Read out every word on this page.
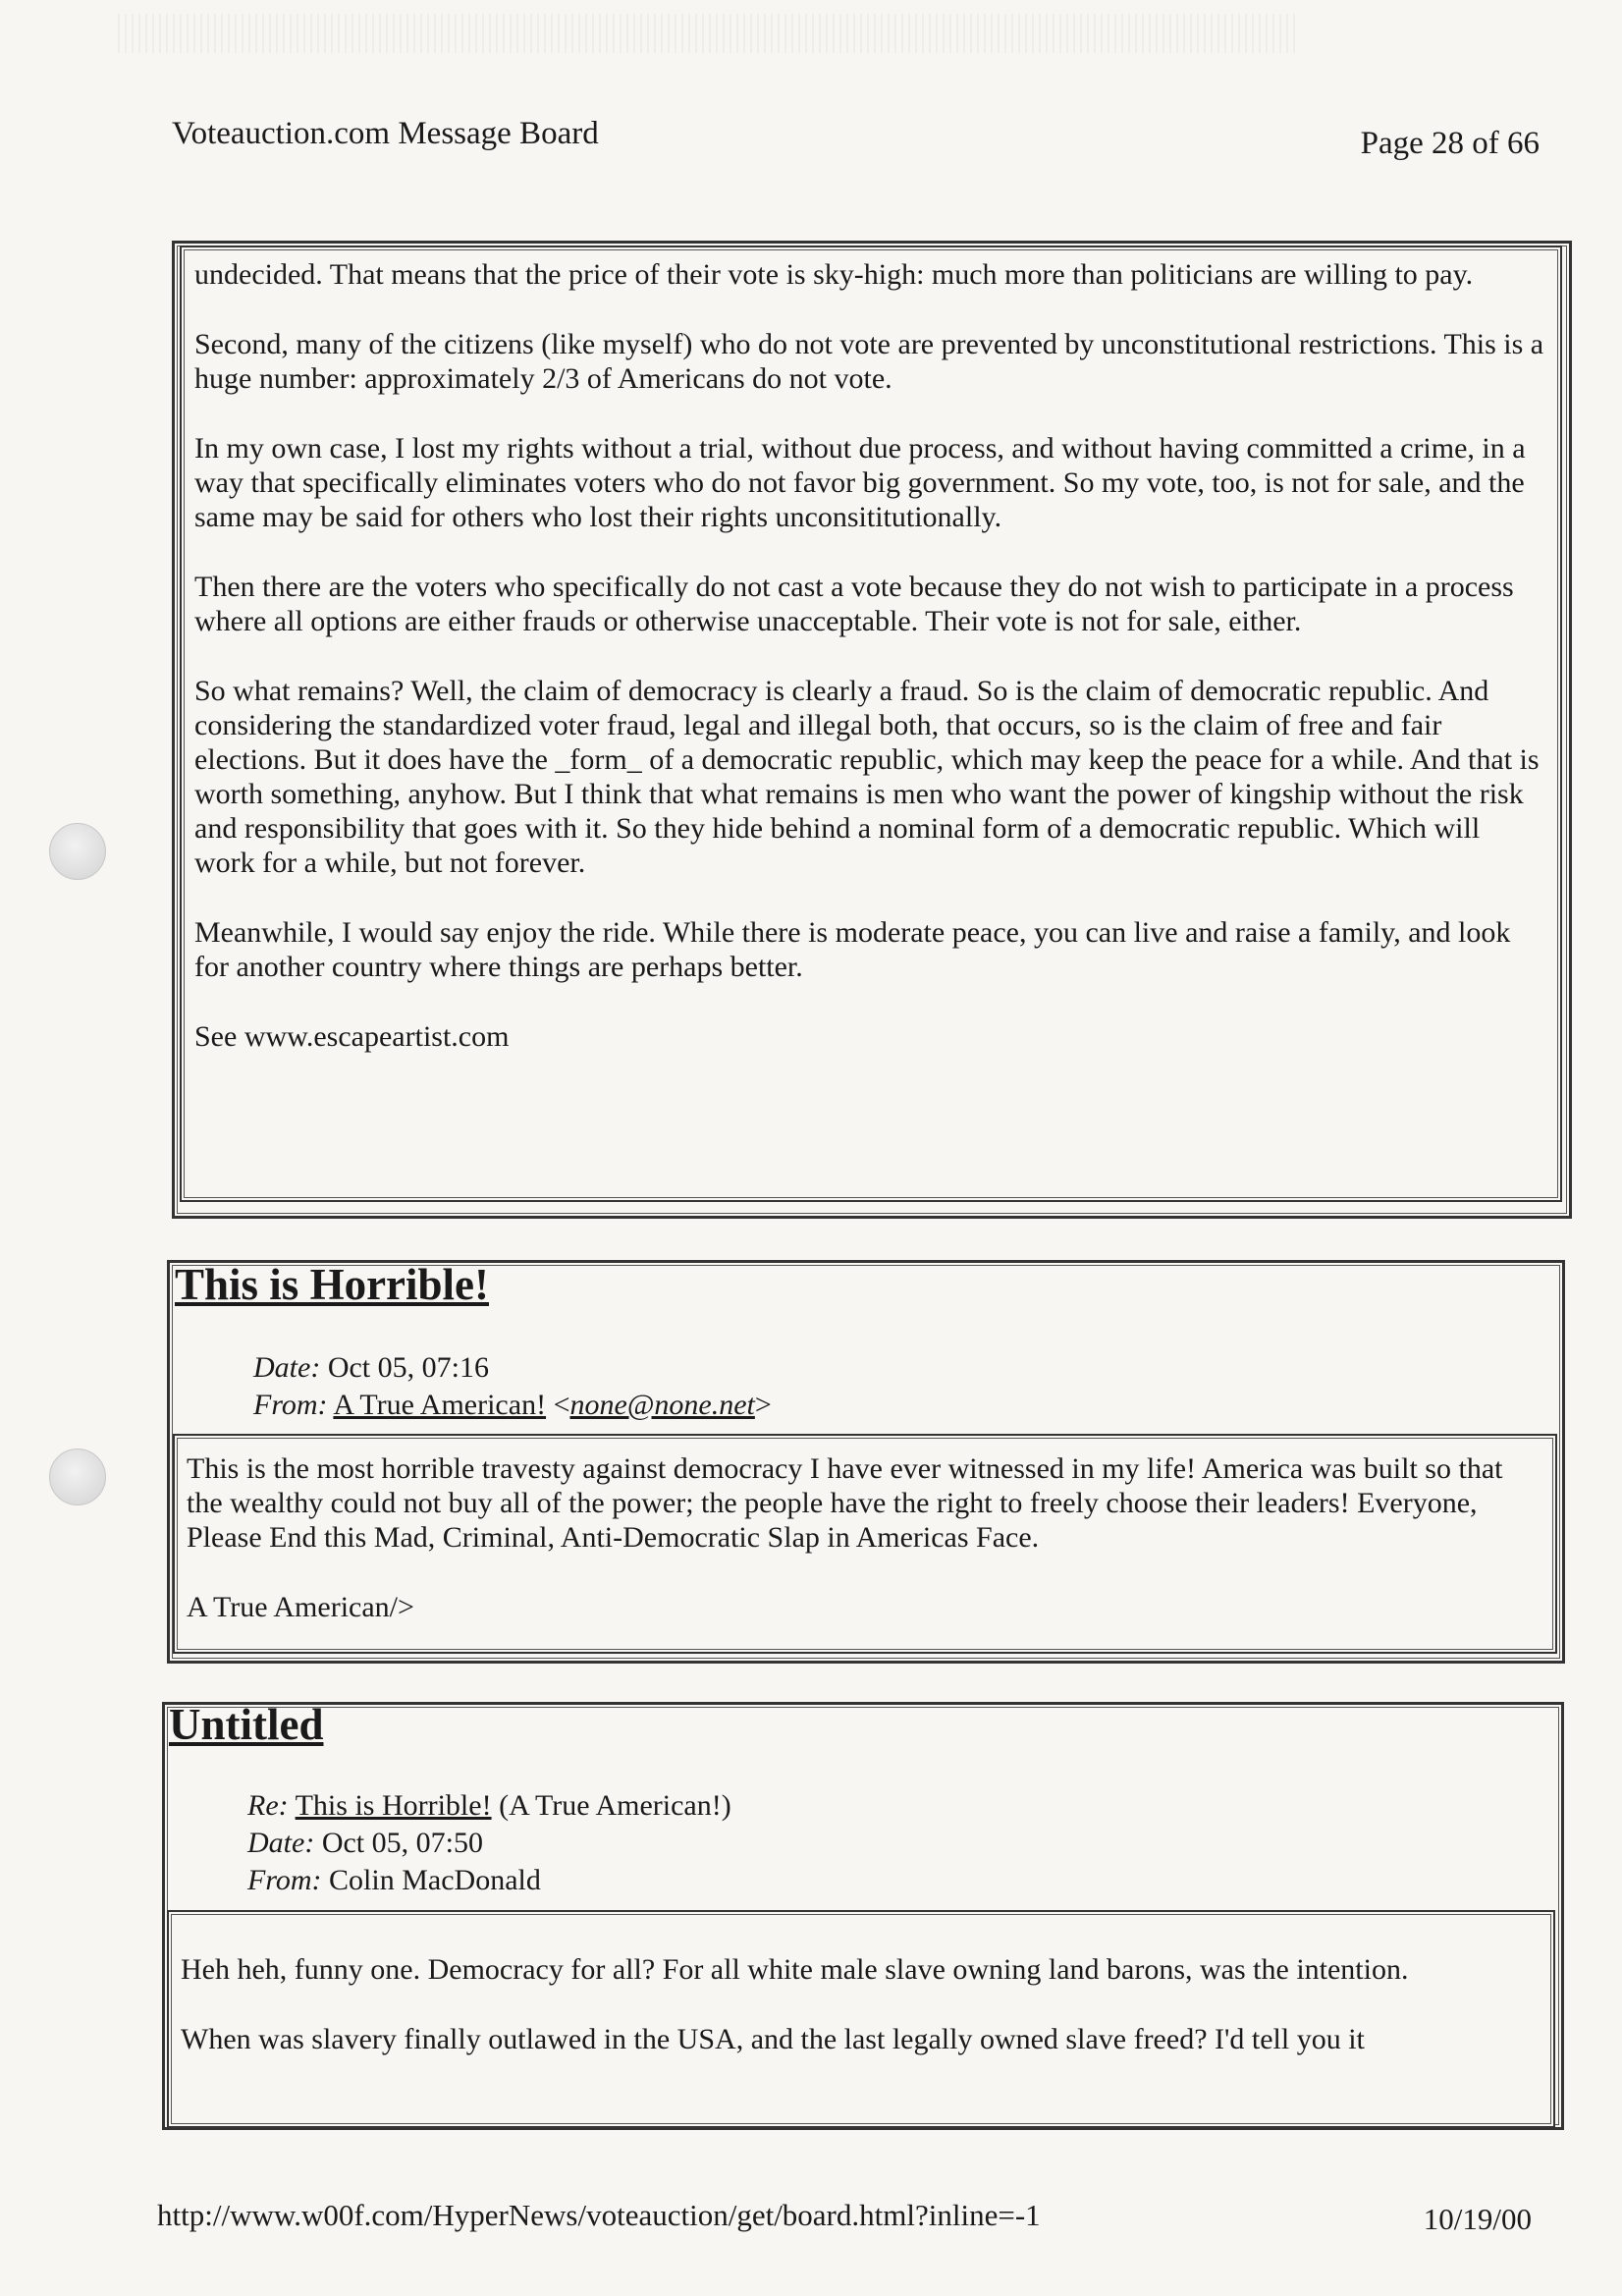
Voteauction.com Message Board	Page 28 of 66

undecided. That means that the price of their vote is sky-high: much more than politicians are willing to pay.

Second, many of the citizens (like myself) who do not vote are prevented by unconstitutional restrictions. This is a huge number: approximately 2/3 of Americans do not vote.

In my own case, I lost my rights without a trial, without due process, and without having committed a crime, in a way that specifically eliminates voters who do not favor big government. So my vote, too, is not for sale, and the same may be said for others who lost their rights unconsititutionally.

Then there are the voters who specifically do not cast a vote because they do not wish to participate in a process where all options are either frauds or otherwise unacceptable. Their vote is not for sale, either.

So what remains? Well, the claim of democracy is clearly a fraud. So is the claim of democratic republic. And considering the standardized voter fraud, legal and illegal both, that occurs, so is the claim of free and fair elections. But it does have the _form_ of a democratic republic, which may keep the peace for a while. And that is worth something, anyhow. But I think that what remains is men who want the power of kingship without the risk and responsibility that goes with it. So they hide behind a nominal form of a democratic republic. Which will work for a while, but not forever.

Meanwhile, I would say enjoy the ride. While there is moderate peace, you can live and raise a family, and look for another country where things are perhaps better.

See www.escapeartist.com

This is Horrible!
Date: Oct 05, 07:16
From: A True American! <none@none.net>

This is the most horrible travesty against democracy I have ever witnessed in my life! America was built so that the wealthy could not buy all of the power; the people have the right to freely choose their leaders! Everyone, Please End this Mad, Criminal, Anti-Democratic Slap in Americas Face.

A True American/>

Untitled
Re: This is Horrible! (A True American!)
Date: Oct 05, 07:50
From: Colin MacDonald

Heh heh, funny one. Democracy for all? For all white male slave owning land barons, was the intention.

When was slavery finally outlawed in the USA, and the last legally owned slave freed? I'd tell you it

http://www.w00f.com/HyperNews/voteauction/get/board.html?inline=-1	10/19/00
